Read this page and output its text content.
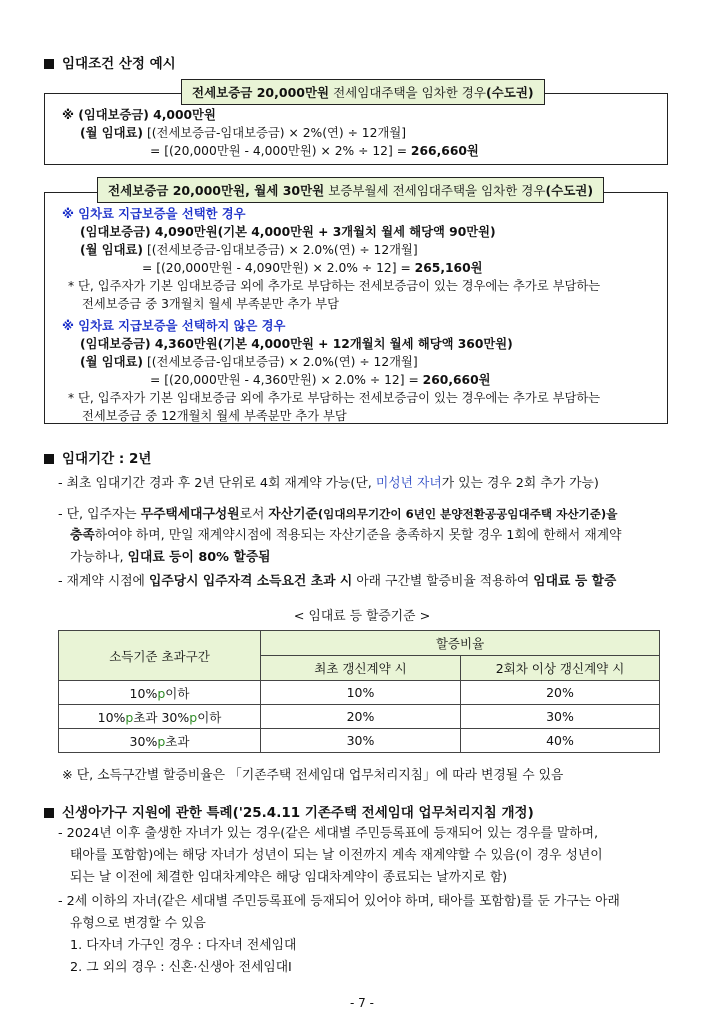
임대조건 산정 예시
전세보증금 20,000만원 전세임대주택을 임차한 경우(수도권)
※ (임대보증금) 4,000만원
(월 임대료) [(전세보증금-임대보증금) × 2%(연) ÷ 12개월]
= [(20,000만원 - 4,000만원) × 2% ÷ 12] = 266,660원
전세보증금 20,000만원, 월세 30만원 보증부월세 전세임대주택을 임차한 경우(수도권)
※ 임차료 지급보증을 선택한 경우
(임대보증금) 4,090만원(기본 4,000만원 + 3개월치 월세 해당액 90만원)
(월 임대료) [(전세보증금-임대보증금) × 2.0%(연) ÷ 12개월]
= [(20,000만원 - 4,090만원) × 2.0% ÷ 12] = 265,160원
* 단, 입주자가 기본 임대보증금 외에 추가로 부담하는 전세보증금이 있는 경우에는 추가로 부담하는
전세보증금 중 3개월치 월세 부족분만 추가 부담
※ 임차료 지급보증을 선택하지 않은 경우
(임대보증금) 4,360만원(기본 4,000만원 + 12개월치 월세 해당액 360만원)
(월 임대료) [(전세보증금-임대보증금) × 2.0%(연) ÷ 12개월]
= [(20,000만원 - 4,360만원) × 2.0% ÷ 12] = 260,660원
* 단, 입주자가 기본 임대보증금 외에 추가로 부담하는 전세보증금이 있는 경우에는 추가로 부담하는
전세보증금 중 12개월치 월세 부족분만 추가 부담
임대기간 : 2년
- 최초 임대기간 경과 후 2년 단위로 4회 재계약 가능(단, 미성년 자녀가 있는 경우 2회 추가 가능)
- 단, 입주자는 무주택세대구성원로서 자산기준(임대의무기간이 6년인 분양전환공공임대주택 자산기준)을
충족하여야 하며, 만일 재계약시점에 적용되는 자산기준을 충족하지 못할 경우 1회에 한해서 재계약
가능하나, 임대료 등이 80% 할증됨
- 재계약 시점에 입주당시 입주자격 소득요건 초과 시 아래 구간별 할증비율 적용하여 임대료 등 할증
< 임대료 등 할증기준 >
소득기준 초과구간	할증비율	
	최초 갱신계약 시	2회차 이상 갱신계약 시
10%p이하	10%	20%
10%p초과 30%p이하	20%	30%
30%p초과	30%	40%
※ 단, 소득구간별 할증비율은 「기존주택 전세임대 업무처리지침」에 따라 변경될 수 있음
신생아가구 지원에 관한 특례('25.4.11 기존주택 전세임대 업무처리지침 개정)
- 2024년 이후 출생한 자녀가 있는 경우(같은 세대별 주민등록표에 등재되어 있는 경우를 말하며,
태아를 포함함)에는 해당 자녀가 성년이 되는 날 이전까지 계속 재계약할 수 있음(이 경우 성년이
되는 날 이전에 체결한 임대차계약은 해당 임대차계약이 종료되는 날까지로 함)
- 2세 이하의 자녀(같은 세대별 주민등록표에 등재되어 있어야 하며, 태아를 포함함)를 둔 가구는 아래
유형으로 변경할 수 있음
1. 다자녀 가구인 경우 : 다자녀 전세임대
2. 그 외의 경우 : 신혼·신생아 전세임대Ⅰ
- 7 -
